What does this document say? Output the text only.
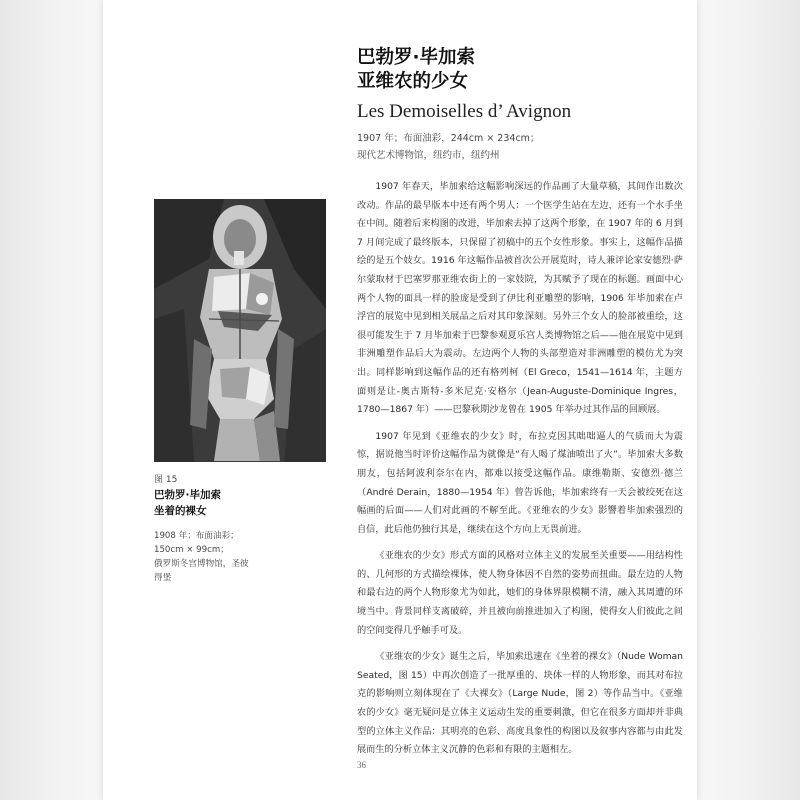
巴勃罗·毕加索
亚维农的少女
Les Demoiselles d’ Avignon
1907 年；布面油彩，244cm × 234cm；
现代艺术博物馆，纽约市，纽约州
图 15
巴勃罗·毕加索
坐着的裸女
1908 年；布面油彩；
150cm × 99cm；
俄罗斯冬宫博物馆，圣彼
得堡

1907 年春天，毕加索给这幅影响深远的作品画了大量草稿，其间作出数次改动。作品的最早版本中还有两个男人：一个医学生站在左边，还有一个水手坐在中间。随着后来构图的改进，毕加索去掉了这两个形象，在 1907 年的 6 月到 7 月间完成了最终版本，只保留了初稿中的五个女性形象。事实上，这幅作品描绘的是五个妓女。1916 年这幅作品被首次公开展览时，诗人兼评论家安德烈·萨尔蒙取材于巴塞罗那亚维农街上的一家妓院，为其赋予了现在的标题。画面中心两个人物的面具一样的脸庞是受到了伊比利亚雕塑的影响，1906 年毕加索在卢浮宫的展览中见到相关展品之后对其印象深刻。另外三个女人的脸部被重绘，这很可能发生于 7 月毕加索于巴黎参观夏乐宫人类博物馆之后——他在展览中见到非洲雕塑作品后大为震动。左边两个人物的头部塑造对非洲雕塑的模仿尤为突出。同样影响到这幅作品的还有格列柯（El Greco，1541—1614 年，主题方面则是让-奥古斯特-多米尼克·安格尔（Jean-Auguste-Dominique Ingres，1780—1867 年）——巴黎秋期沙龙曾在 1905 年举办过其作品的回顾展。

1907 年见到《亚维农的少女》时，布拉克因其咄咄逼人的气质而大为震惊，据说他当时评价这幅作品为就像是“有人喝了煤油喷出了火”。毕加索大多数朋友，包括阿波利奈尔在内，都难以接受这幅作品。康维勒斯、安德烈·德兰（André Derain，1880—1954 年）曾告诉他，毕加索终有一天会被绞死在这幅画的后面——人们对此画的不解至此。《亚维农的少女》影響着毕加索强烈的自信，此后他仍独行其是，继续在这个方向上无畏前进。

《亚维农的少女》形式方面的风格对立体主义的发展至关重要——用结构性的、几何形的方式描绘裸体，使人物身体因不自然的姿势而扭曲。最左边的人物和最右边的两个人物形象尤为如此，她们的身体界限模糊不清，融入其周遭的环境当中。背景同样支离破碎，并且被向前推进加入了构图，使得女人们彼此之间的空间变得几乎触手可及。

《亚维农的少女》诞生之后，毕加索迅速在《坐着的裸女》（Nude Woman Seated，图 15）中再次创造了一批厚重的、块体一样的人物形象，而其对布拉克的影响则立刻体现在了《大裸女》（Large Nude，图 2）等作品当中。《亚维农的少女》毫无疑问是立体主义运动生发的重要刺激，但它在很多方面却并非典型的立体主义作品：其明亮的色彩、高度具象性的构图以及叙事内容都与由此发展而生的分析立体主义沉静的色彩和有限的主题相左。

36
